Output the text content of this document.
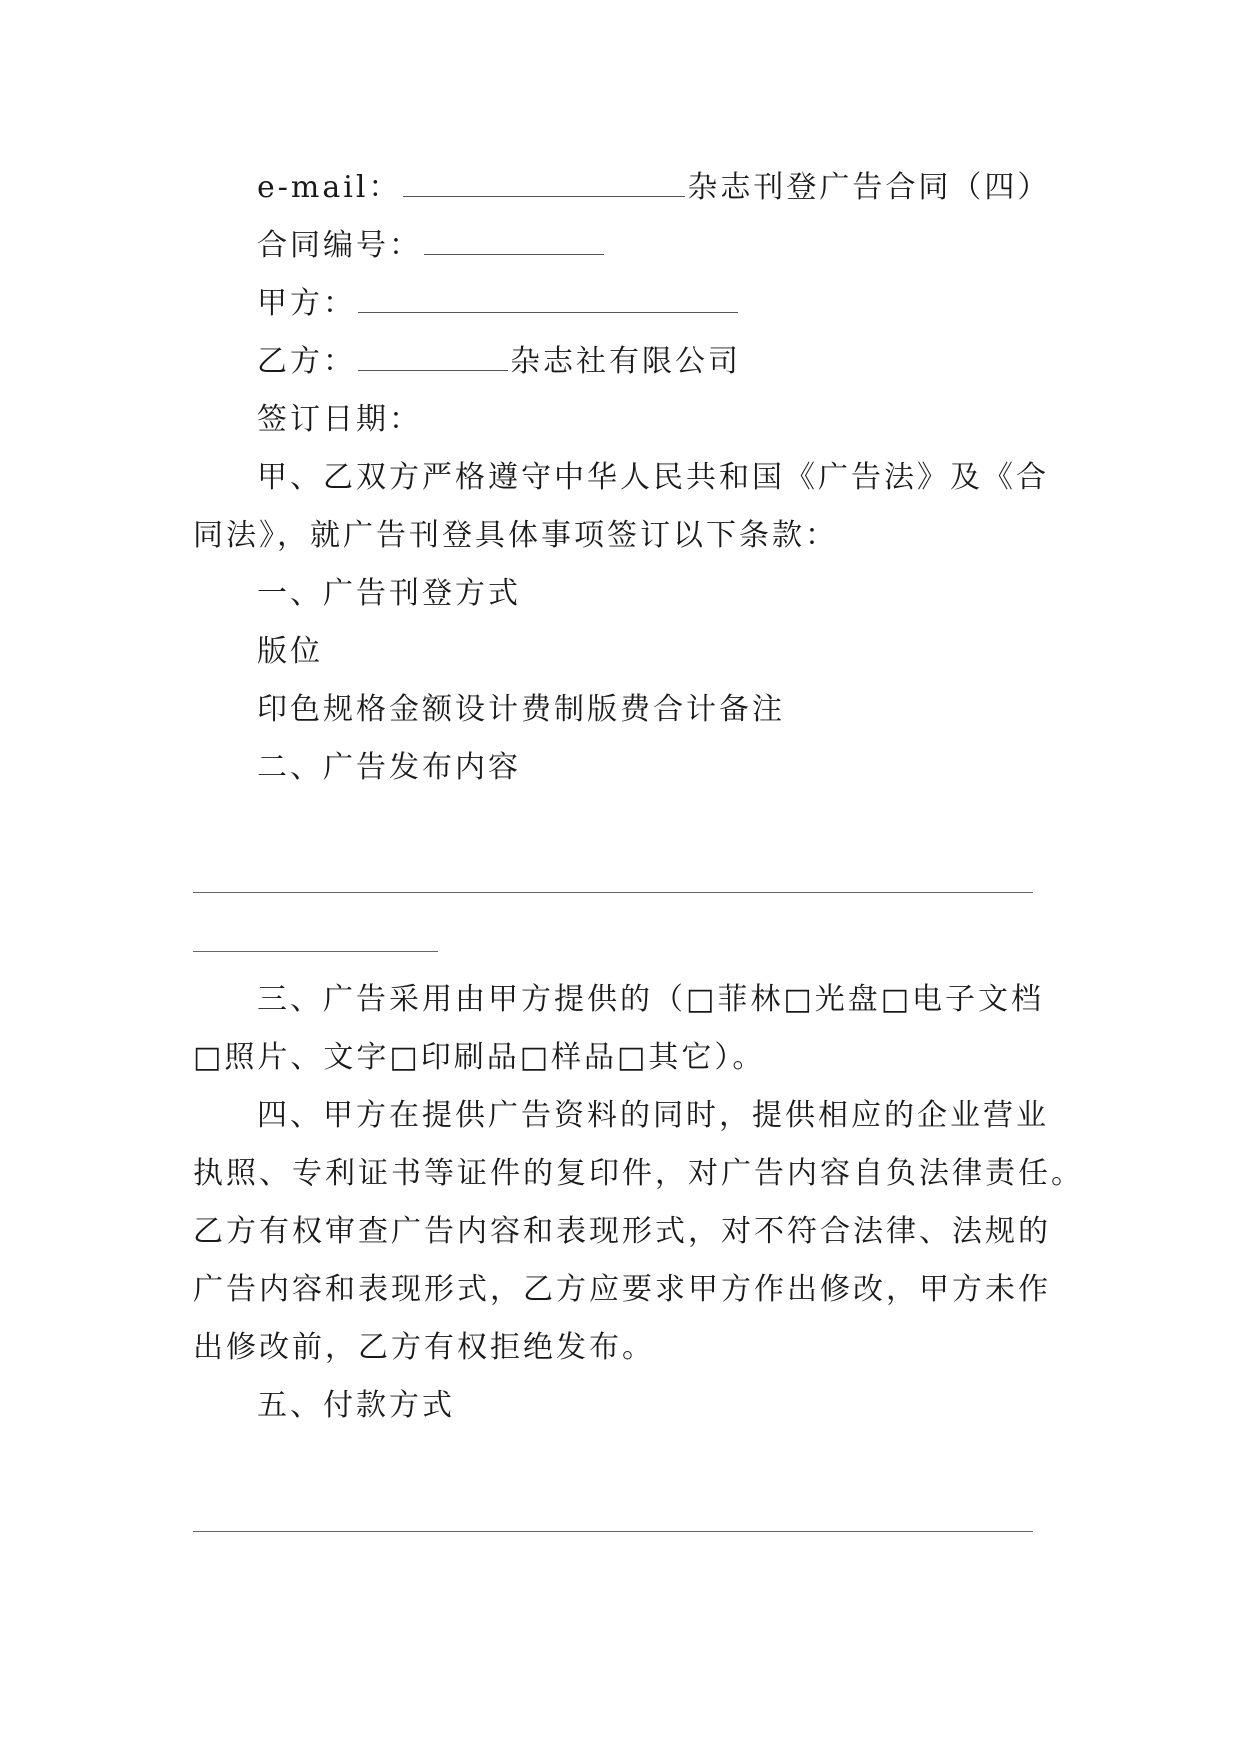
e-mail：	杂志刊登广告合同（四）
合同编号：
甲方：
乙方：	杂志社有限公司
签订日期：
甲、乙双方严格遵守中华人民共和国《广告法》及《合
同法》，就广告刊登具体事项签订以下条款：
一、广告刊登方式
版位
印色规格金额设计费制版费合计备注
二、广告发布内容
三、广告采用由甲方提供的（□菲林□光盘□电子文档
□照片、文字□印刷品□样品□其它）。
四、甲方在提供广告资料的同时，提供相应的企业营业
执照、专利证书等证件的复印件，对广告内容自负法律责任。
乙方有权审查广告内容和表现形式，对不符合法律、法规的
广告内容和表现形式，乙方应要求甲方作出修改，甲方未作
出修改前，乙方有权拒绝发布。
五、付款方式
